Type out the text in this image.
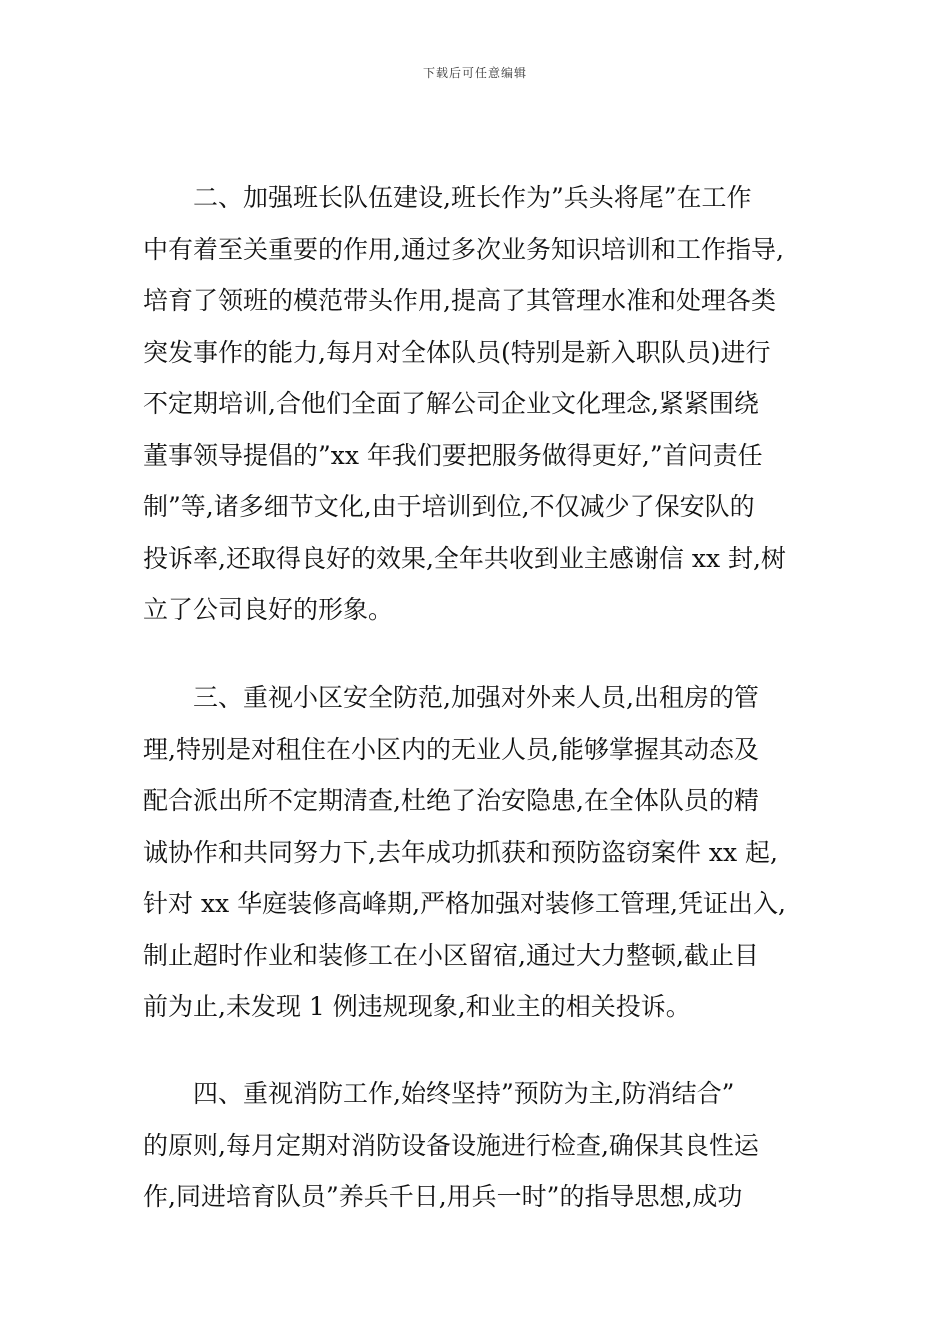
下载后可任意编辑
　　二、加强班长队伍建设,班长作为”兵头将尾”在工作
中有着至关重要的作用,通过多次业务知识培训和工作指导,
培育了领班的模范带头作用,提高了其管理水准和处理各类
突发事作的能力,每月对全体队员(特别是新入职队员)进行
不定期培训,合他们全面了解公司企业文化理念,紧紧围绕
董事领导提倡的”xx 年我们要把服务做得更好,”首问责任
制”等,诸多细节文化,由于培训到位,不仅减少了保安队的
投诉率,还取得良好的效果,全年共收到业主感谢信 xx 封,树
立了公司良好的形象。
　　三、重视小区安全防范,加强对外来人员,出租房的管
理,特别是对租住在小区内的无业人员,能够掌握其动态及
配合派出所不定期清查,杜绝了治安隐患,在全体队员的精
诚协作和共同努力下,去年成功抓获和预防盗窃案件 xx 起,
针对 xx 华庭装修高峰期,严格加强对装修工管理,凭证出入,
制止超时作业和装修工在小区留宿,通过大力整顿,截止目
前为止,未发现 1 例违规现象,和业主的相关投诉。
　　四、重视消防工作,始终坚持”预防为主,防消结合”
的原则,每月定期对消防设备设施进行检查,确保其良性运
作,同进培育队员”养兵千日,用兵一时”的指导思想,成功
